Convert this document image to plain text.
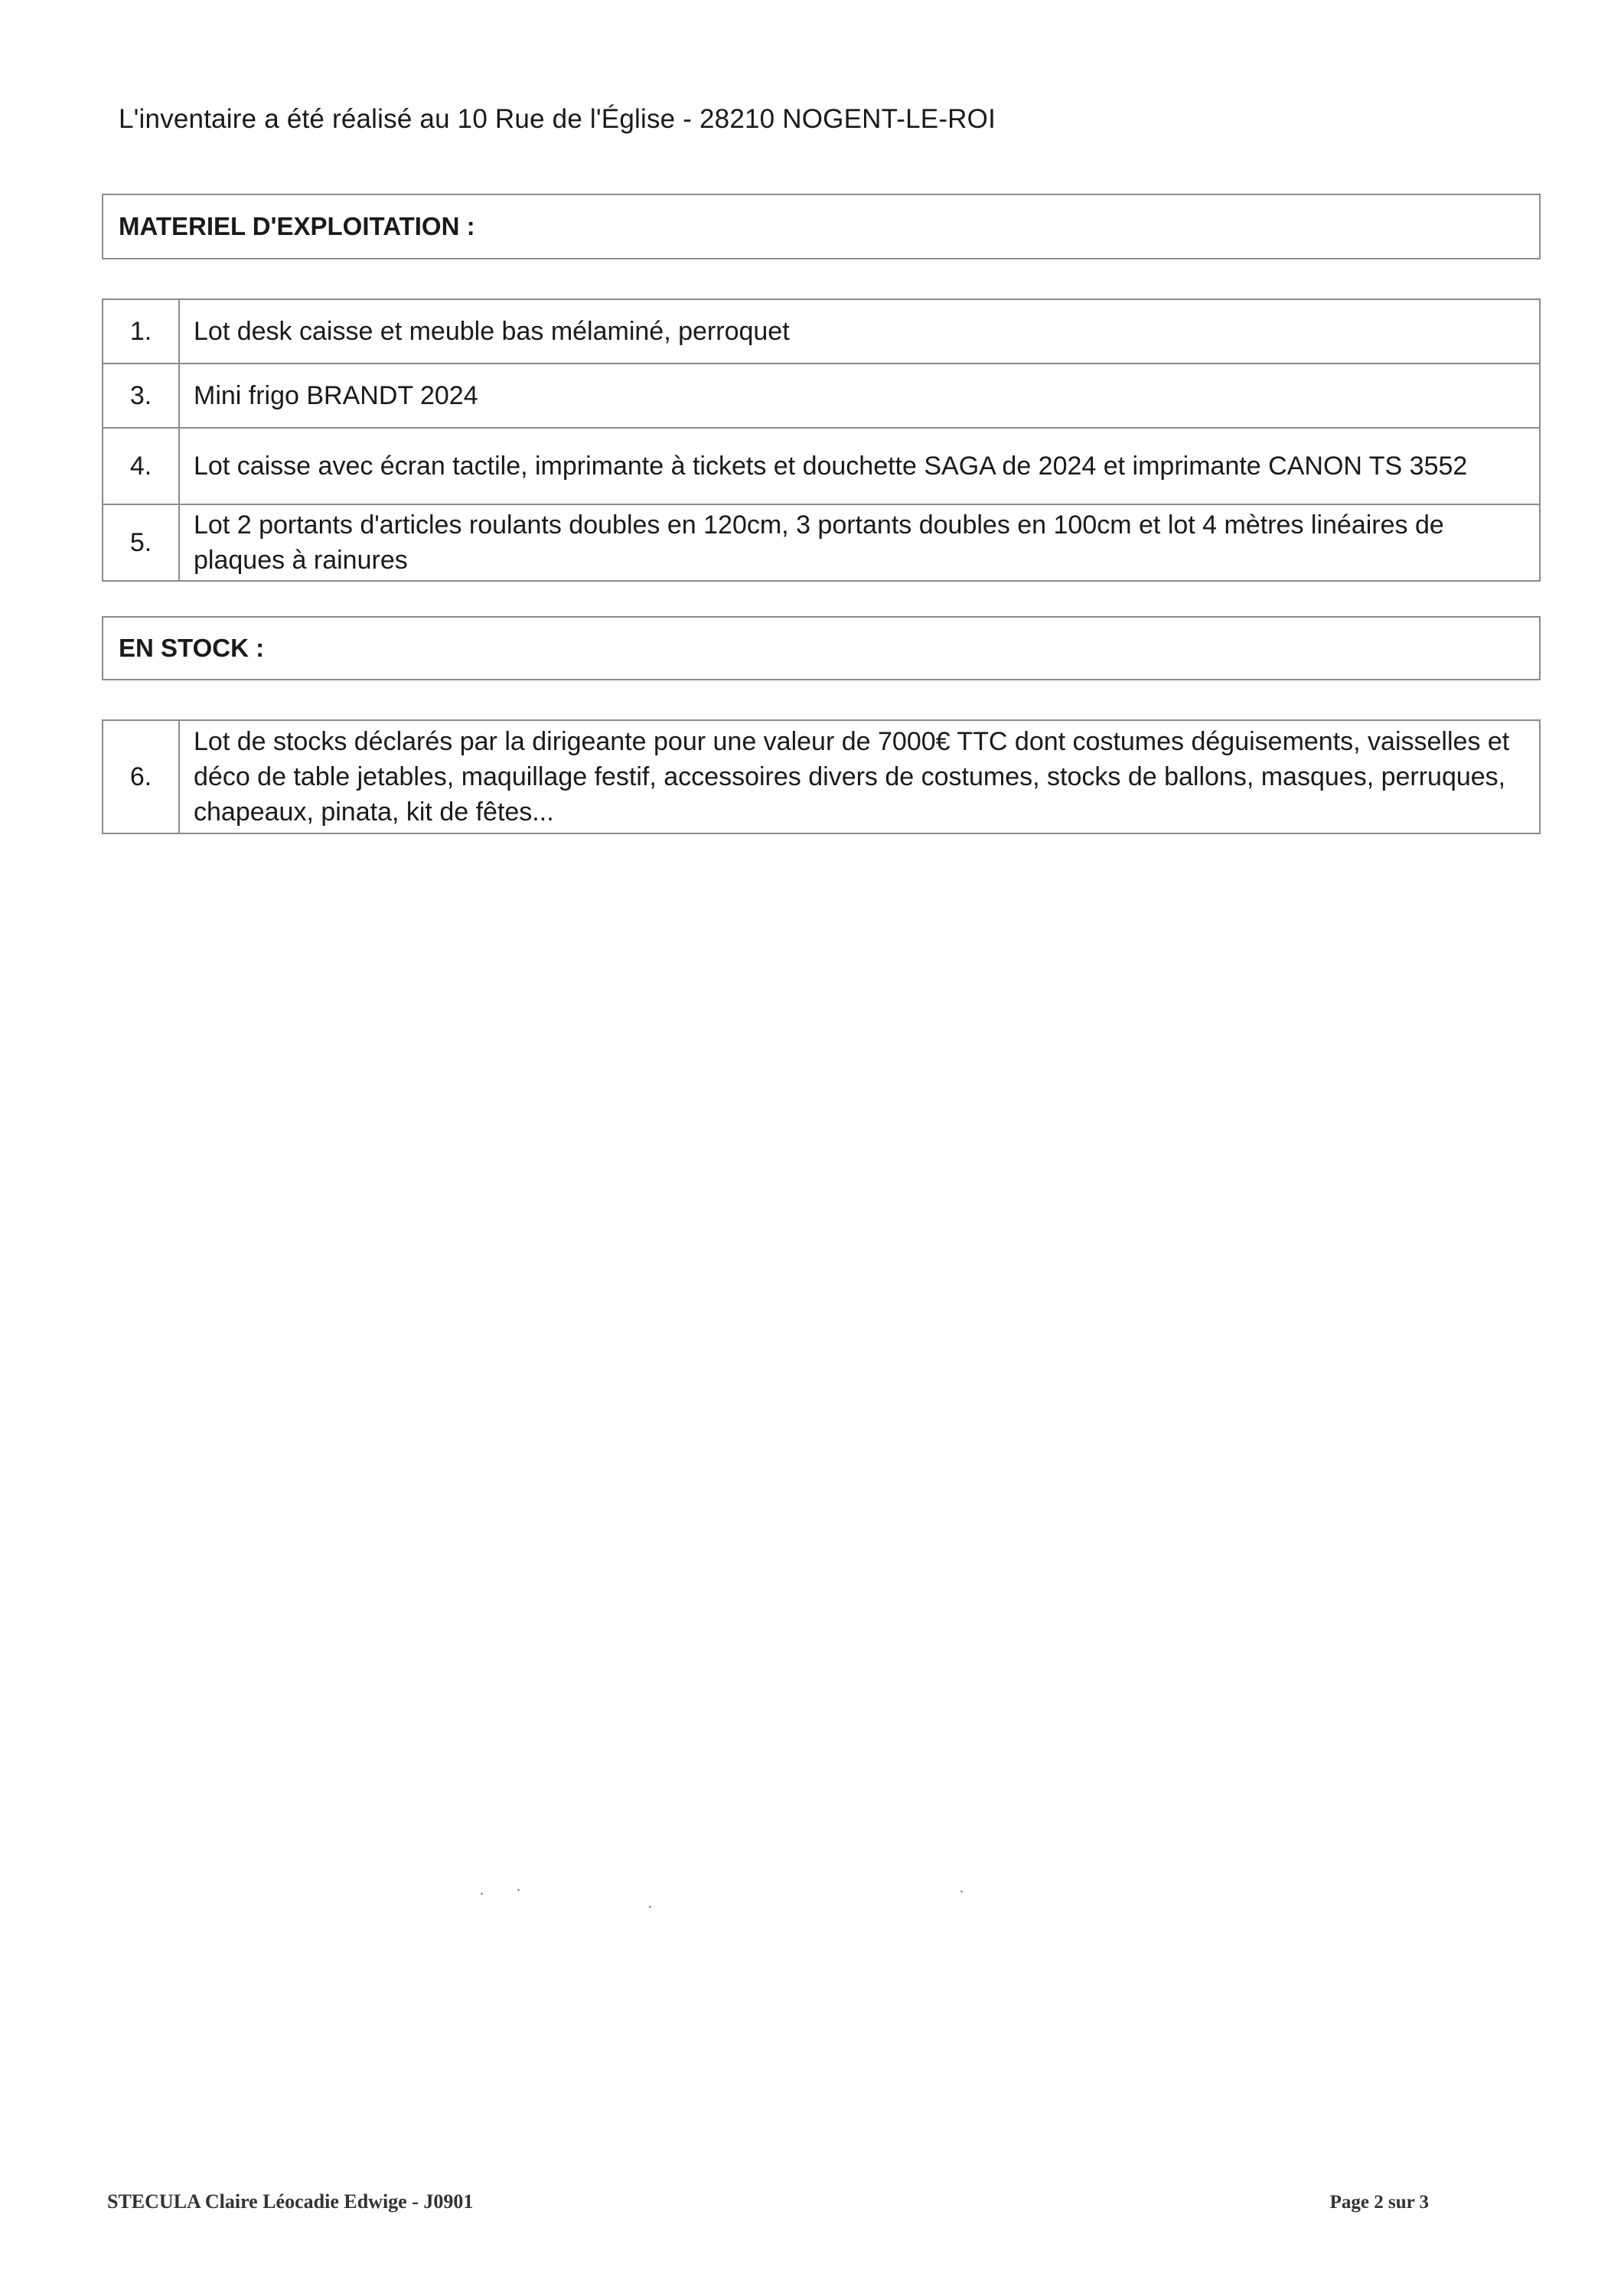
L'inventaire a été réalisé au 10 Rue de l'Église - 28210 NOGENT-LE-ROI
MATERIEL D'EXPLOITATION :
1.	Lot desk caisse et meuble bas mélaminé, perroquet
3.	Mini frigo BRANDT 2024
4.	Lot caisse avec écran tactile, imprimante à tickets et douchette SAGA de 2024 et imprimante CANON TS 3552
5.	Lot 2 portants d'articles roulants doubles en 120cm, 3 portants doubles en 100cm et lot 4 mètres linéaires de plaques à rainures
EN STOCK :
6.	Lot de stocks déclarés par la dirigeante pour une valeur de 7000€ TTC dont costumes déguisements, vaisselles et déco de table jetables, maquillage festif, accessoires divers de costumes, stocks de ballons, masques, perruques, chapeaux, pinata, kit de fêtes...
STECULA Claire Léocadie Edwige - J0901	Page 2 sur 3
